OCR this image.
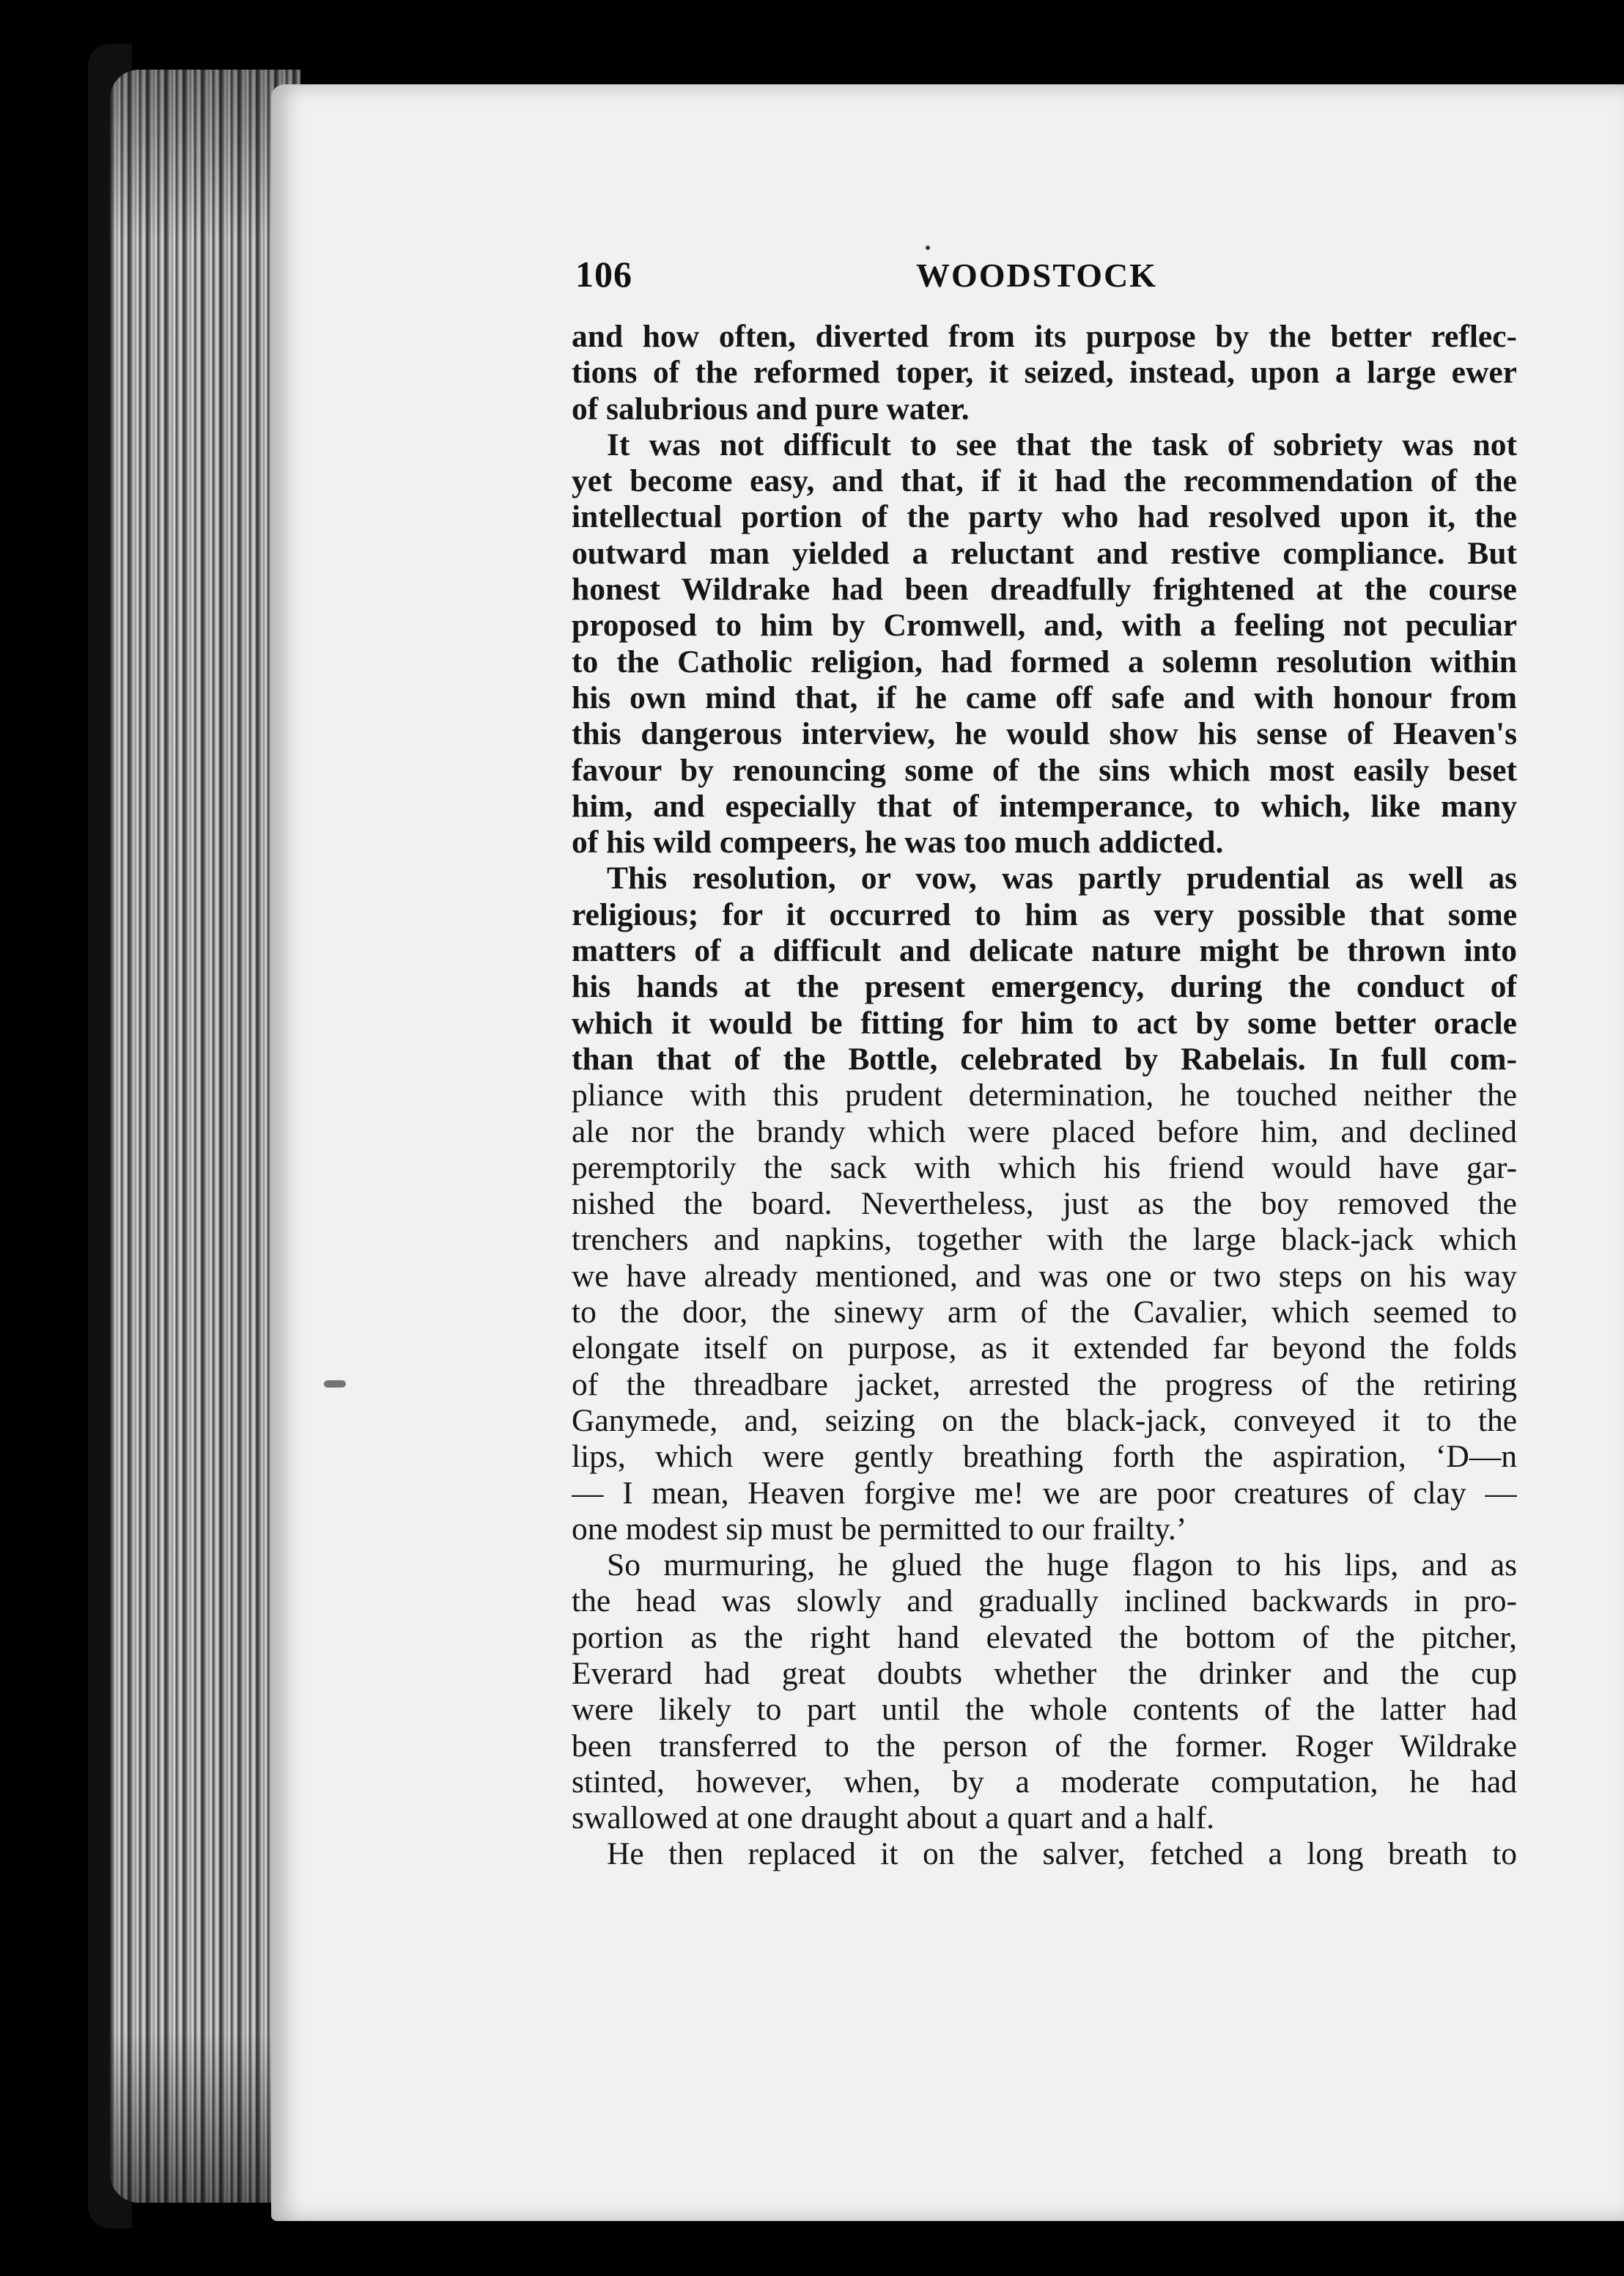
106	WOODSTOCK
and how often, diverted from its purpose by the better reflec-
tions of the reformed toper, it seized, instead, upon a large ewer
of salubrious and pure water.
It was not difficult to see that the task of sobriety was not
yet become easy, and that, if it had the recommendation of the
intellectual portion of the party who had resolved upon it, the
outward man yielded a reluctant and restive compliance. But
honest Wildrake had been dreadfully frightened at the course
proposed to him by Cromwell, and, with a feeling not peculiar
to the Catholic religion, had formed a solemn resolution within
his own mind that, if he came off safe and with honour from
this dangerous interview, he would show his sense of Heaven's
favour by renouncing some of the sins which most easily beset
him, and especially that of intemperance, to which, like many
of his wild compeers, he was too much addicted.
This resolution, or vow, was partly prudential as well as
religious; for it occurred to him as very possible that some
matters of a difficult and delicate nature might be thrown into
his hands at the present emergency, during the conduct of
which it would be fitting for him to act by some better oracle
than that of the Bottle, celebrated by Rabelais. In full com-
pliance with this prudent determination, he touched neither the
ale nor the brandy which were placed before him, and declined
peremptorily the sack with which his friend would have gar-
nished the board. Nevertheless, just as the boy removed the
trenchers and napkins, together with the large black-jack which
we have already mentioned, and was one or two steps on his way
to the door, the sinewy arm of the Cavalier, which seemed to
elongate itself on purpose, as it extended far beyond the folds
of the threadbare jacket, arrested the progress of the retiring
Ganymede, and, seizing on the black-jack, conveyed it to the
lips, which were gently breathing forth the aspiration, ‘D—n
— I mean, Heaven forgive me! we are poor creatures of clay —
one modest sip must be permitted to our frailty.’
So murmuring, he glued the huge flagon to his lips, and as
the head was slowly and gradually inclined backwards in pro-
portion as the right hand elevated the bottom of the pitcher,
Everard had great doubts whether the drinker and the cup
were likely to part until the whole contents of the latter had
been transferred to the person of the former. Roger Wildrake
stinted, however, when, by a moderate computation, he had
swallowed at one draught about a quart and a half.
He then replaced it on the salver, fetched a long breath to
